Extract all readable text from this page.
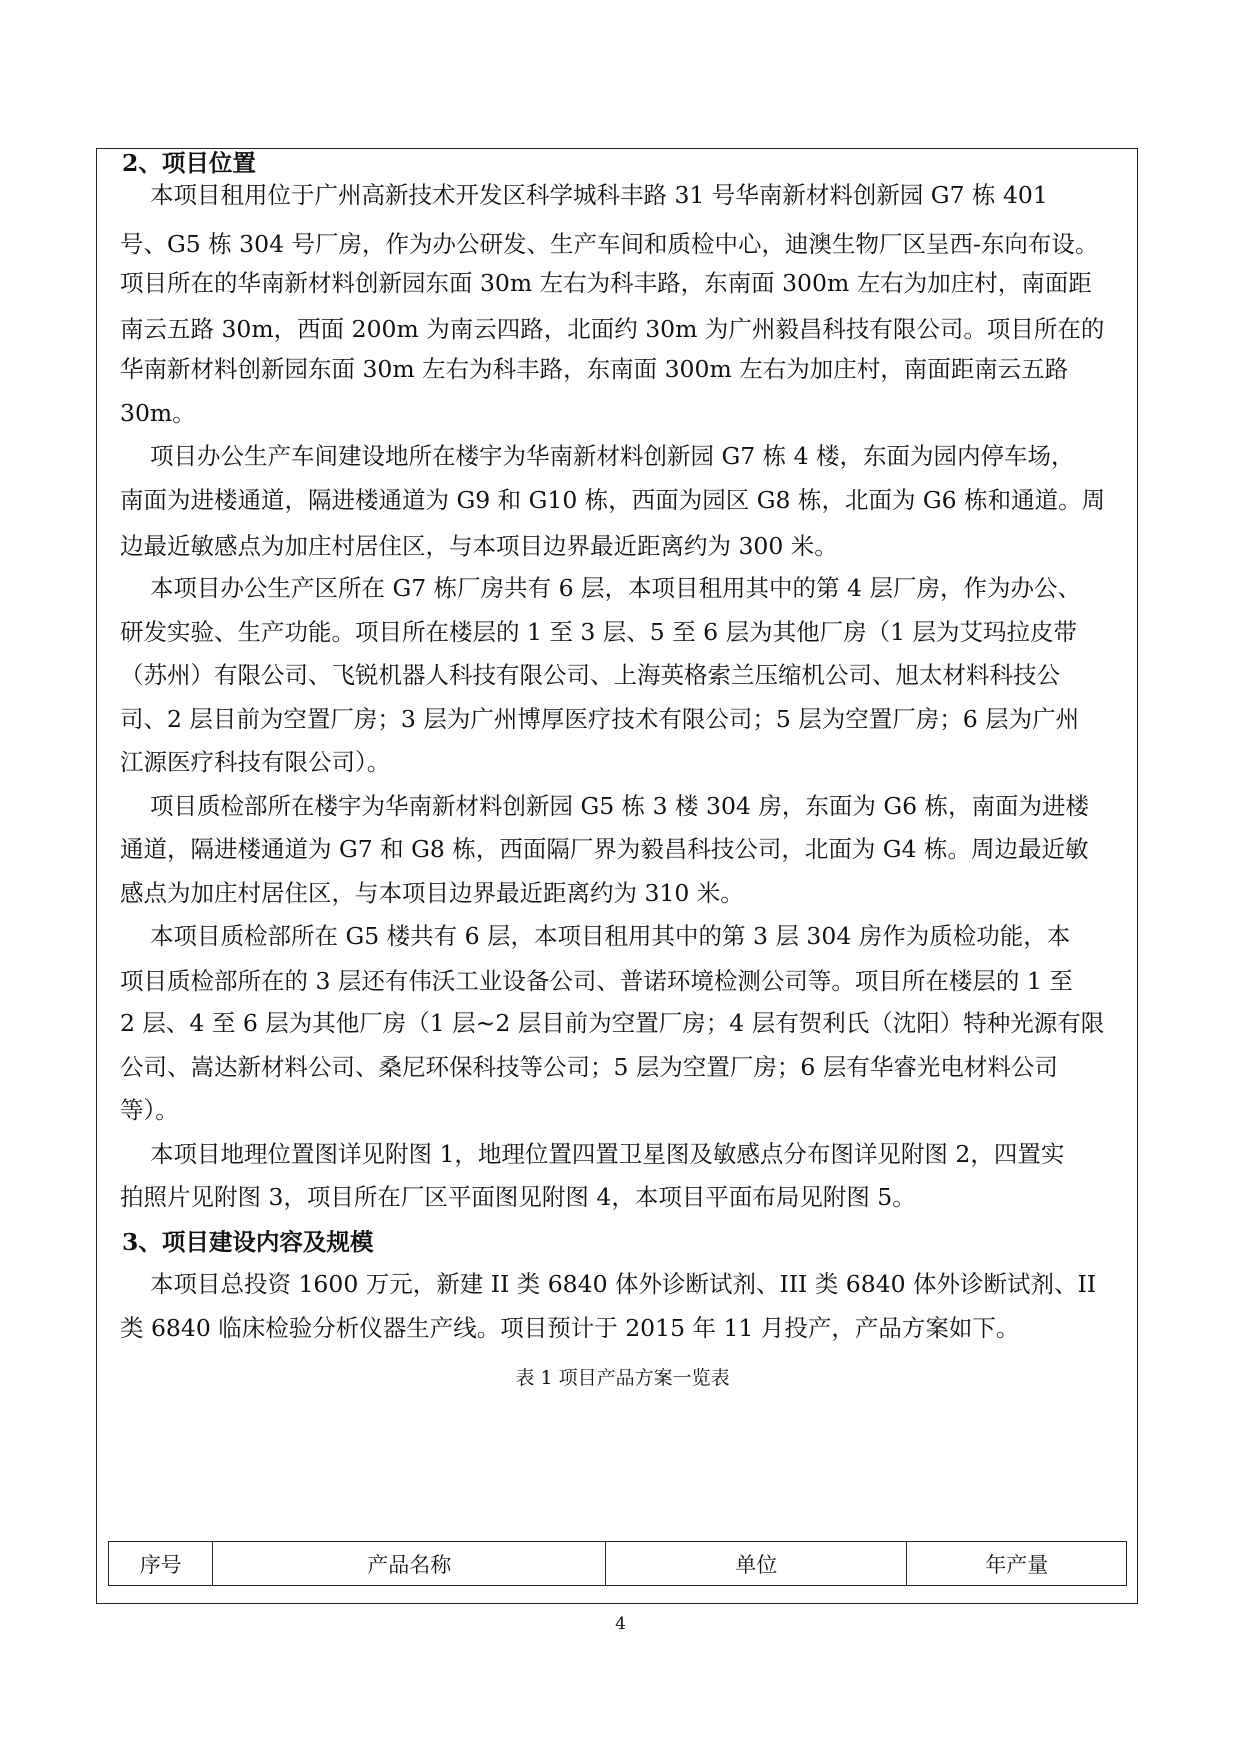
2、项目位置
本项目租用位于广州高新技术开发区科学城科丰路 31 号华南新材料创新园 G7 栋 401
号、G5 栋 304 号厂房，作为办公研发、生产车间和质检中心，迪澳生物厂区呈西-东向布设。
项目所在的华南新材料创新园东面 30m 左右为科丰路，东南面 300m 左右为加庄村，南面距
南云五路 30m，西面 200m 为南云四路，北面约 30m 为广州毅昌科技有限公司。项目所在的
华南新材料创新园东面 30m 左右为科丰路，东南面 300m 左右为加庄村，南面距南云五路
30m。
项目办公生产车间建设地所在楼宇为华南新材料创新园 G7 栋 4 楼，东面为园内停车场，
南面为进楼通道，隔进楼通道为 G9 和 G10 栋，西面为园区 G8 栋，北面为 G6 栋和通道。周
边最近敏感点为加庄村居住区，与本项目边界最近距离约为 300 米。
本项目办公生产区所在 G7 栋厂房共有 6 层，本项目租用其中的第 4 层厂房，作为办公、
研发实验、生产功能。项目所在楼层的 1 至 3 层、5 至 6 层为其他厂房（1 层为艾玛拉皮带
（苏州）有限公司、飞锐机器人科技有限公司、上海英格索兰压缩机公司、旭太材料科技公
司、2 层目前为空置厂房；3 层为广州博厚医疗技术有限公司；5 层为空置厂房；6 层为广州
江源医疗科技有限公司）。
项目质检部所在楼宇为华南新材料创新园 G5 栋 3 楼 304 房，东面为 G6 栋，南面为进楼
通道，隔进楼通道为 G7 和 G8 栋，西面隔厂界为毅昌科技公司，北面为 G4 栋。周边最近敏
感点为加庄村居住区，与本项目边界最近距离约为 310 米。
本项目质检部所在 G5 楼共有 6 层，本项目租用其中的第 3 层 304 房作为质检功能，本
项目质检部所在的 3 层还有伟沃工业设备公司、普诺环境检测公司等。项目所在楼层的 1 至
2 层、4 至 6 层为其他厂房（1 层~2 层目前为空置厂房；4 层有贺利氏（沈阳）特种光源有限
公司、嵩达新材料公司、桑尼环保科技等公司；5 层为空置厂房；6 层有华睿光电材料公司
等）。
本项目地理位置图详见附图 1，地理位置四置卫星图及敏感点分布图详见附图 2，四置实
拍照片见附图 3，项目所在厂区平面图见附图 4，本项目平面布局见附图 5。
3、项目建设内容及规模
本项目总投资 1600 万元，新建 II 类 6840 体外诊断试剂、III 类 6840 体外诊断试剂、II
类 6840 临床检验分析仪器生产线。项目预计于 2015 年 11 月投产，产品方案如下。
表 1 项目产品方案一览表
序号	产品名称	单位	年产量
4
